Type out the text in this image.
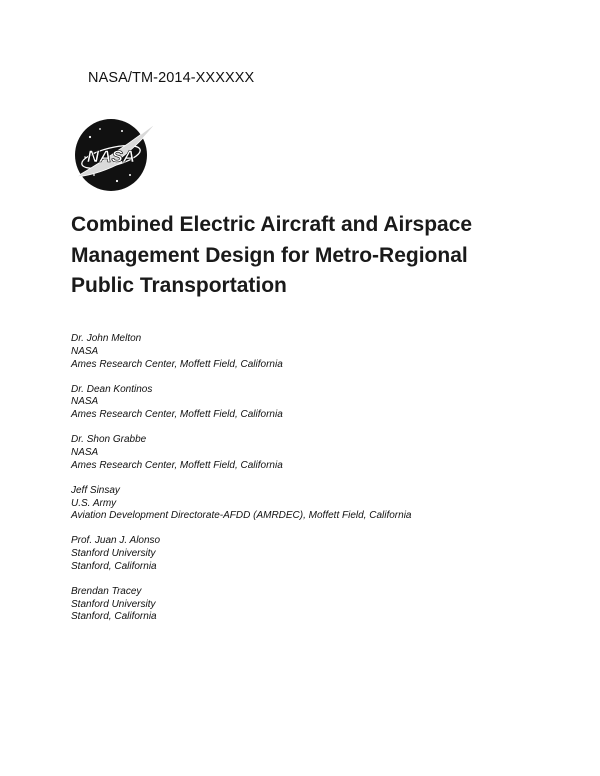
NASA/TM-2014-XXXXXX
NASA
Combined Electric Aircraft and Airspace
Management Design for Metro-Regional
Public Transportation
Dr. John Melton
NASA
Ames Research Center, Moffett Field, California
Dr. Dean Kontinos
NASA
Ames Research Center, Moffett Field, California
Dr. Shon Grabbe
NASA
Ames Research Center, Moffett Field, California
Jeff Sinsay
U.S. Army
Aviation Development Directorate-AFDD (AMRDEC), Moffett Field, California
Prof. Juan J. Alonso
Stanford University
Stanford, California
Brendan Tracey
Stanford University
Stanford, California
